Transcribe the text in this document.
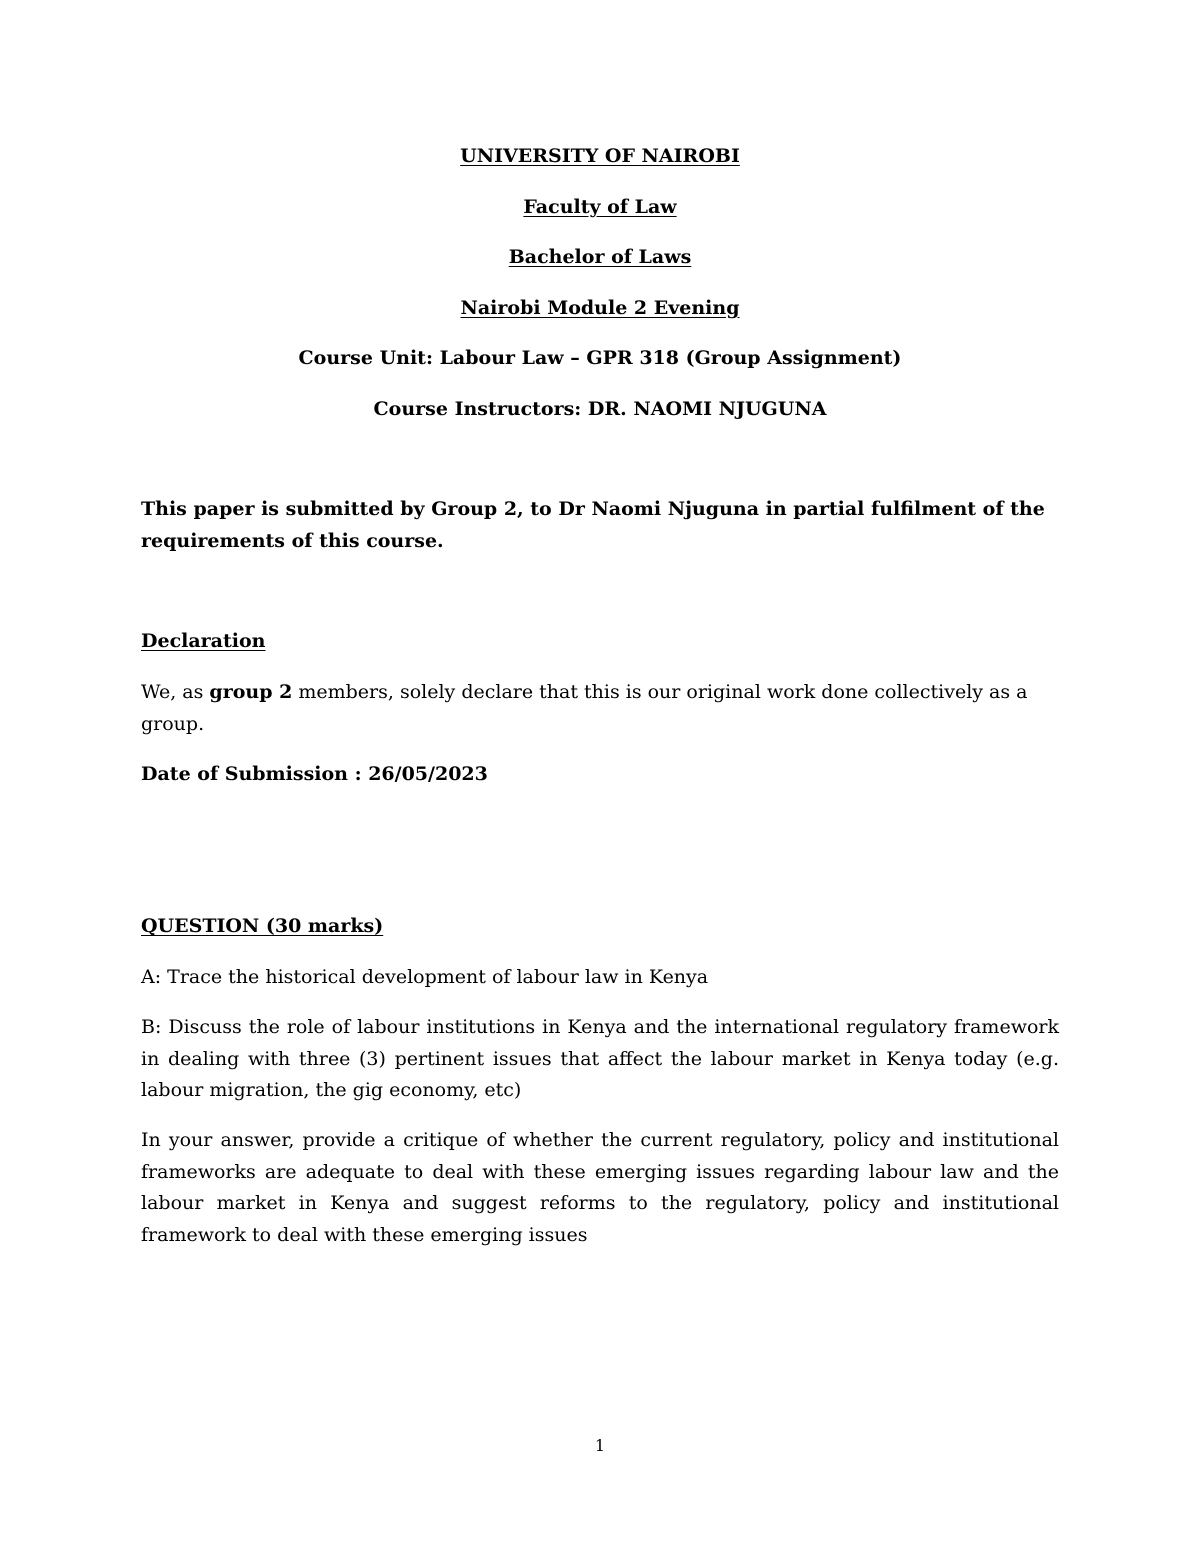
UNIVERSITY OF NAIROBI

Faculty of Law

Bachelor of Laws

Nairobi Module 2 Evening

Course Unit: Labour Law – GPR 318 (Group Assignment)

Course Instructors: DR. NAOMI NJUGUNA

This paper is submitted by Group 2, to Dr Naomi Njuguna in partial fulfilment of the requirements of this course.

Declaration

We, as group 2 members, solely declare that this is our original work done collectively as a group.

Date of Submission : 26/05/2023

QUESTION (30 marks)

A: Trace the historical development of labour law in Kenya

B: Discuss the role of labour institutions in Kenya and the international regulatory framework in dealing with three (3) pertinent issues that affect the labour market in Kenya today (e.g. labour migration, the gig economy, etc)

In your answer, provide a critique of whether the current regulatory, policy and institutional frameworks are adequate to deal with these emerging issues regarding labour law and the labour market in Kenya and suggest reforms to the regulatory, policy and institutional framework to deal with these emerging issues

1
